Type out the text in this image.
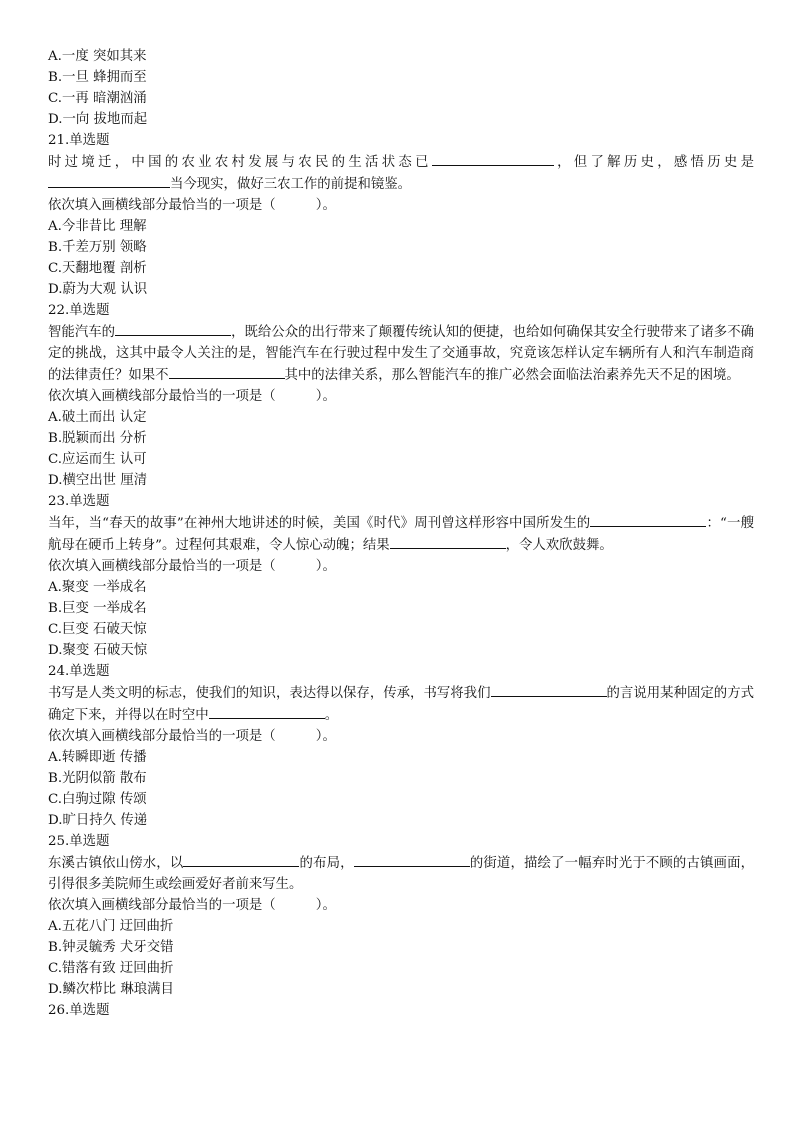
A.一度 突如其来
B.一旦 蜂拥而至
C.一再 暗潮汹涌
D.一向 拔地而起
21.单选题
时过境迁，中国的农业农村发展与农民的生活状态已	，但了解历史，感悟历史是当今现实，做好三农工作的前提和镜鉴。
依次填入画横线部分最恰当的一项是（　　　）。
A.今非昔比 理解
B.千差万别 领略
C.天翻地覆 剖析
D.蔚为大观 认识
22.单选题
智能汽车的	，既给公众的出行带来了颠覆传统认知的便捷，也给如何确保其安全行驶带来了诸多不确定的挑战，这其中最令人关注的是，智能汽车在行驶过程中发生了交通事故，究竟该怎样认定车辆所有人和汽车制造商的法律责任？如果不	其中的法律关系，那么智能汽车的推广必然会面临法治素养先天不足的困境。
依次填入画横线部分最恰当的一项是（　　　）。
A.破土而出 认定
B.脱颖而出 分析
C.应运而生 认可
D.横空出世 厘清
23.单选题
当年，当“春天的故事”在神州大地讲述的时候，美国《时代》周刊曾这样形容中国所发生的	：“一艘航母在硬币上转身”。过程何其艰难，令人惊心动魄；结果	，令人欢欣鼓舞。
依次填入画横线部分最恰当的一项是（　　　）。
A.聚变 一举成名
B.巨变 一举成名
C.巨变 石破天惊
D.聚变 石破天惊
24.单选题
书写是人类文明的标志，使我们的知识，表达得以保存，传承，书写将我们	的言说用某种固定的方式确定下来，并得以在时空中	。
依次填入画横线部分最恰当的一项是（　　　）。
A.转瞬即逝 传播
B.光阴似箭 散布
C.白驹过隙 传颂
D.旷日持久 传递
25.单选题
东溪古镇依山傍水，以	的布局，	的街道，描绘了一幅弃时光于不顾的古镇画面，引得很多美院师生或绘画爱好者前来写生。
依次填入画横线部分最恰当的一项是（　　　）。
A.五花八门 迂回曲折
B.钟灵毓秀 犬牙交错
C.错落有致 迂回曲折
D.鳞次栉比 琳琅满目
26.单选题
